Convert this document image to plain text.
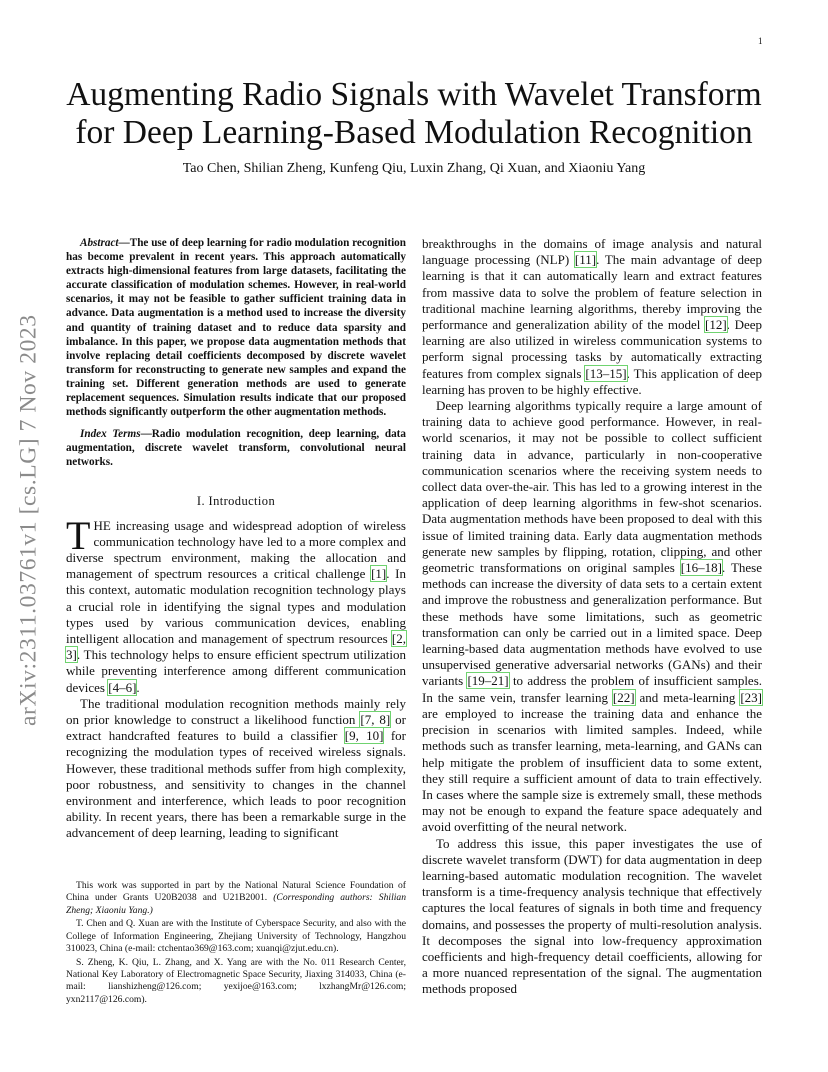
1
arXiv:2311.03761v1 [cs.LG] 7 Nov 2023
Augmenting Radio Signals with Wavelet Transform
for Deep Learning-Based Modulation Recognition
Tao Chen, Shilian Zheng, Kunfeng Qiu, Luxin Zhang, Qi Xuan, and Xiaoniu Yang

Abstract—The use of deep learning for radio modulation recognition has become prevalent in recent years. This approach automatically extracts high-dimensional features from large datasets, facilitating the accurate classification of modulation schemes. However, in real-world scenarios, it may not be feasible to gather sufficient training data in advance. Data augmentation is a method used to increase the diversity and quantity of training dataset and to reduce data sparsity and imbalance. In this paper, we propose data augmentation methods that involve replacing detail coefficients decomposed by discrete wavelet transform for reconstructing to generate new samples and expand the training set. Different generation methods are used to generate replacement sequences. Simulation results indicate that our proposed methods significantly outperform the other augmentation methods.

Index Terms—Radio modulation recognition, deep learning, data augmentation, discrete wavelet transform, convolutional neural networks.

I. Introduction

THE increasing usage and widespread adoption of wireless communication technology have led to a more complex and diverse spectrum environment, making the allocation and management of spectrum resources a critical challenge [1]. In this context, automatic modulation recognition technology plays a crucial role in identifying the signal types and modulation types used by various communication devices, enabling intelligent allocation and management of spectrum resources [2, 3]. This technology helps to ensure efficient spectrum utilization while preventing interference among different communication devices [4–6].

The traditional modulation recognition methods mainly rely on prior knowledge to construct a likelihood function [7, 8] or extract handcrafted features to build a classifier [9, 10] for recognizing the modulation types of received wireless signals. However, these traditional methods suffer from high complexity, poor robustness, and sensitivity to changes in the channel environment and interference, which leads to poor recognition ability. In recent years, there has been a remarkable surge in the advancement of deep learning, leading to significant

This work was supported in part by the National Natural Science Foundation of China under Grants U20B2038 and U21B2001. (Corresponding authors: Shilian Zheng; Xiaoniu Yang.)

T. Chen and Q. Xuan are with the Institute of Cyberspace Security, and also with the College of Information Engineering, Zhejiang University of Technology, Hangzhou 310023, China (e-mail: ctchentao369@163.com; xuanqi@zjut.edu.cn).

S. Zheng, K. Qiu, L. Zhang, and X. Yang are with the No. 011 Research Center, National Key Laboratory of Electromagnetic Space Security, Jiaxing 314033, China (e-mail: lianshizheng@126.com; yexijoe@163.com; lxzhangMr@126.com; yxn2117@126.com).

breakthroughs in the domains of image analysis and natural language processing (NLP) [11]. The main advantage of deep learning is that it can automatically learn and extract features from massive data to solve the problem of feature selection in traditional machine learning algorithms, thereby improving the performance and generalization ability of the model [12]. Deep learning are also utilized in wireless communication systems to perform signal processing tasks by automatically extracting features from complex signals [13–15]. This application of deep learning has proven to be highly effective.

Deep learning algorithms typically require a large amount of training data to achieve good performance. However, in real-world scenarios, it may not be possible to collect sufficient training data in advance, particularly in non-cooperative communication scenarios where the receiving system needs to collect data over-the-air. This has led to a growing interest in the application of deep learning algorithms in few-shot scenarios. Data augmentation methods have been proposed to deal with this issue of limited training data. Early data augmentation methods generate new samples by flipping, rotation, clipping, and other geometric transformations on original samples [16–18]. These methods can increase the diversity of data sets to a certain extent and improve the robustness and generalization performance. But these methods have some limitations, such as geometric transformation can only be carried out in a limited space. Deep learning-based data augmentation methods have evolved to use unsupervised generative adversarial networks (GANs) and their variants [19–21] to address the problem of insufficient samples. In the same vein, transfer learning [22] and meta-learning [23] are employed to increase the training data and enhance the precision in scenarios with limited samples. Indeed, while methods such as transfer learning, meta-learning, and GANs can help mitigate the problem of insufficient data to some extent, they still require a sufficient amount of data to train effectively. In cases where the sample size is extremely small, these methods may not be enough to expand the feature space adequately and avoid overfitting of the neural network.

To address this issue, this paper investigates the use of discrete wavelet transform (DWT) for data augmentation in deep learning-based automatic modulation recognition. The wavelet transform is a time-frequency analysis technique that effectively captures the local features of signals in both time and frequency domains, and possesses the property of multi-resolution analysis. It decomposes the signal into low-frequency approximation coefficients and high-frequency detail coefficients, allowing for a more nuanced representation of the signal. The augmentation methods proposed
